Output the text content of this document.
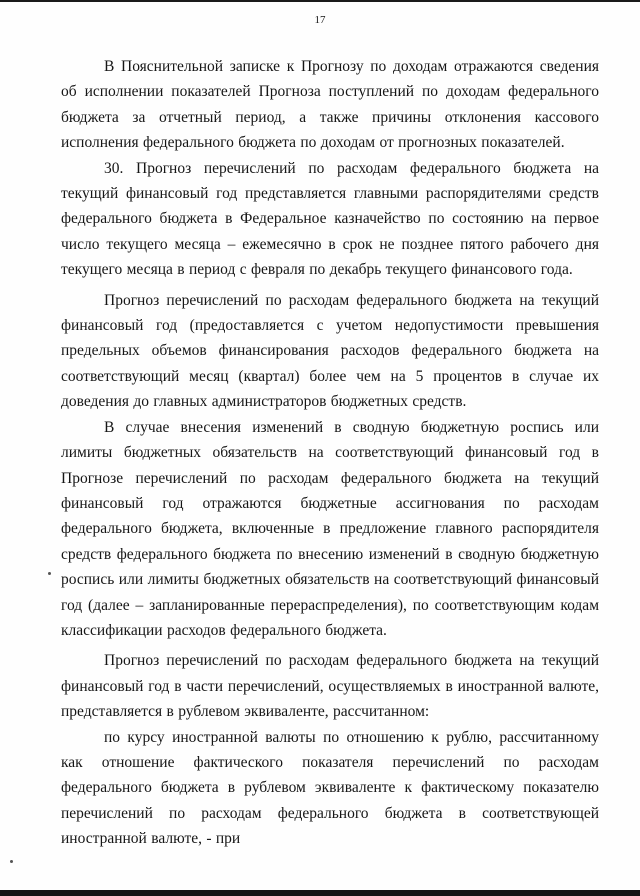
17

В Пояснительной записке к Прогнозу по доходам отражаются сведения об исполнении показателей Прогноза поступлений по доходам федерального бюджета за отчетный период, а также причины отклонения кассового исполнения федерального бюджета по доходам от прогнозных показателей.

30. Прогноз перечислений по расходам федерального бюджета на текущий финансовый год представляется главными распорядителями средств федерального бюджета в Федеральное казначейство по состоянию на первое число текущего месяца – ежемесячно в срок не позднее пятого рабочего дня текущего месяца в период с февраля по декабрь текущего финансового года.

Прогноз перечислений по расходам федерального бюджета на текущий финансовый год (предоставляется с учетом недопустимости превышения предельных объемов финансирования расходов федерального бюджета на соответствующий месяц (квартал) более чем на 5 процентов в случае их доведения до главных администраторов бюджетных средств.

В случае внесения изменений в сводную бюджетную роспись или лимиты бюджетных обязательств на соответствующий финансовый год в Прогнозе перечислений по расходам федерального бюджета на текущий финансовый год отражаются бюджетные ассигнования по расходам федерального бюджета, включенные в предложение главного распорядителя средств федерального бюджета по внесению изменений в сводную бюджетную роспись или лимиты бюджетных обязательств на соответствующий финансовый год (далее – запланированные перераспределения), по соответствующим кодам классификации расходов федерального бюджета.

Прогноз перечислений по расходам федерального бюджета на текущий финансовый год в части перечислений, осуществляемых в иностранной валюте, представляется в рублевом эквиваленте, рассчитанном:

по курсу иностранной валюты по отношению к рублю, рассчитанному как отношение фактического показателя перечислений по расходам федерального бюджета в рублевом эквиваленте к фактическому показателю перечислений по расходам федерального бюджета в соответствующей иностранной валюте, - при
